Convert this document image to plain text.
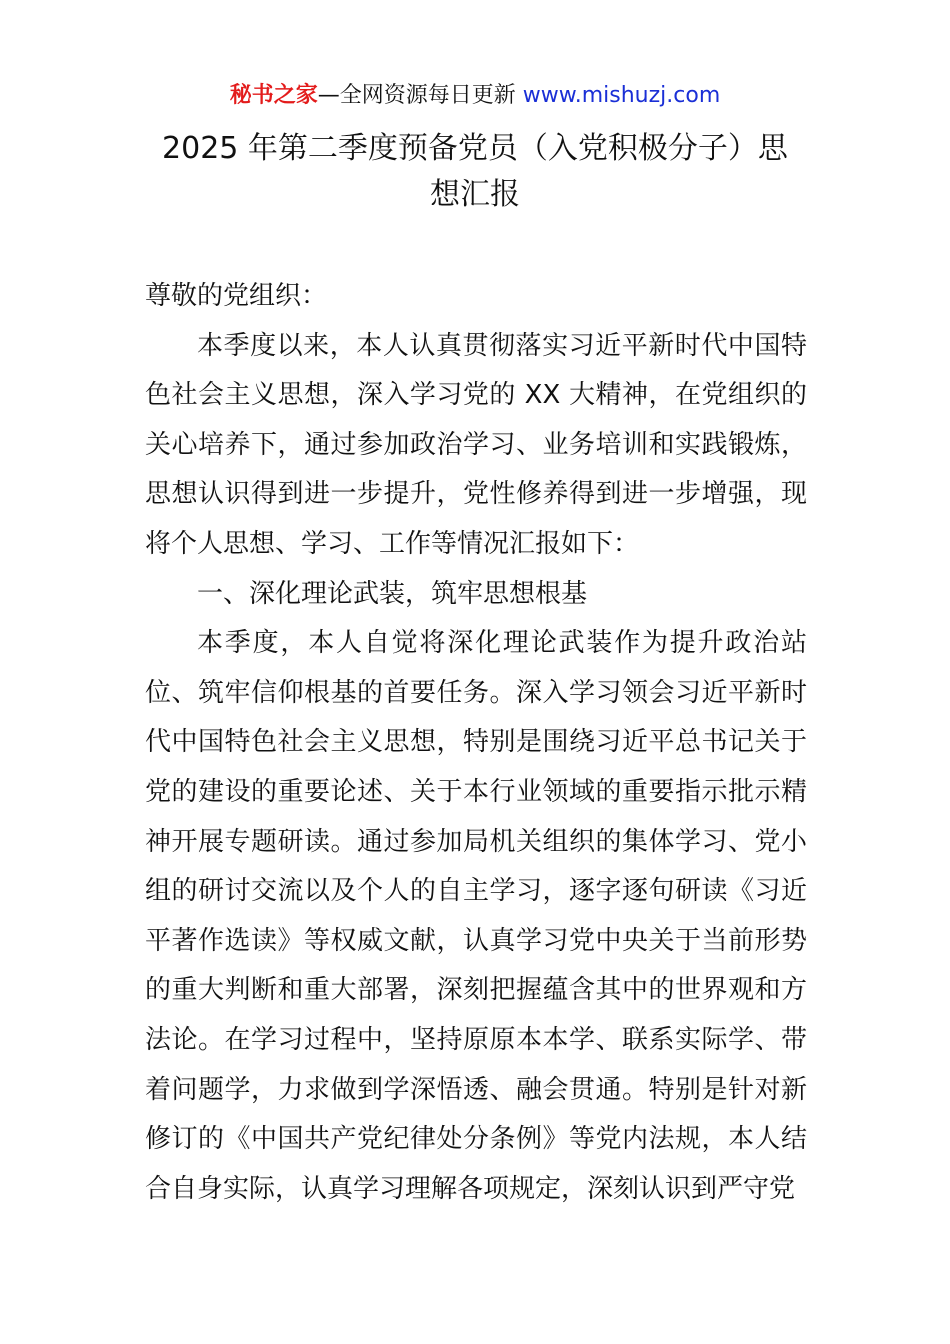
秘书之家—全网资源每日更新 www.mishuzj.com
2025 年第二季度预备党员（入党积极分子）思
想汇报

尊敬的党组织：

本季度以来，本人认真贯彻落实习近平新时代中国特色社会主义思想，深入学习党的 XX 大精神，在党组织的关心培养下，通过参加政治学习、业务培训和实践锻炼，思想认识得到进一步提升，党性修养得到进一步增强，现将个人思想、学习、工作等情况汇报如下：

一、深化理论武装，筑牢思想根基

本季度，本人自觉将深化理论武装作为提升政治站位、筑牢信仰根基的首要任务。深入学习领会习近平新时代中国特色社会主义思想，特别是围绕习近平总书记关于党的建设的重要论述、关于本行业领域的重要指示批示精神开展专题研读。通过参加局机关组织的集体学习、党小组的研讨交流以及个人的自主学习，逐字逐句研读《习近平著作选读》等权威文献，认真学习党中央关于当前形势的重大判断和重大部署，深刻把握蕴含其中的世界观和方法论。在学习过程中，坚持原原本本学、联系实际学、带着问题学，力求做到学深悟透、融会贯通。特别是针对新修订的《中国共产党纪律处分条例》等党内法规，本人结合自身实际，认真学习理解各项规定，深刻认识到严守党
